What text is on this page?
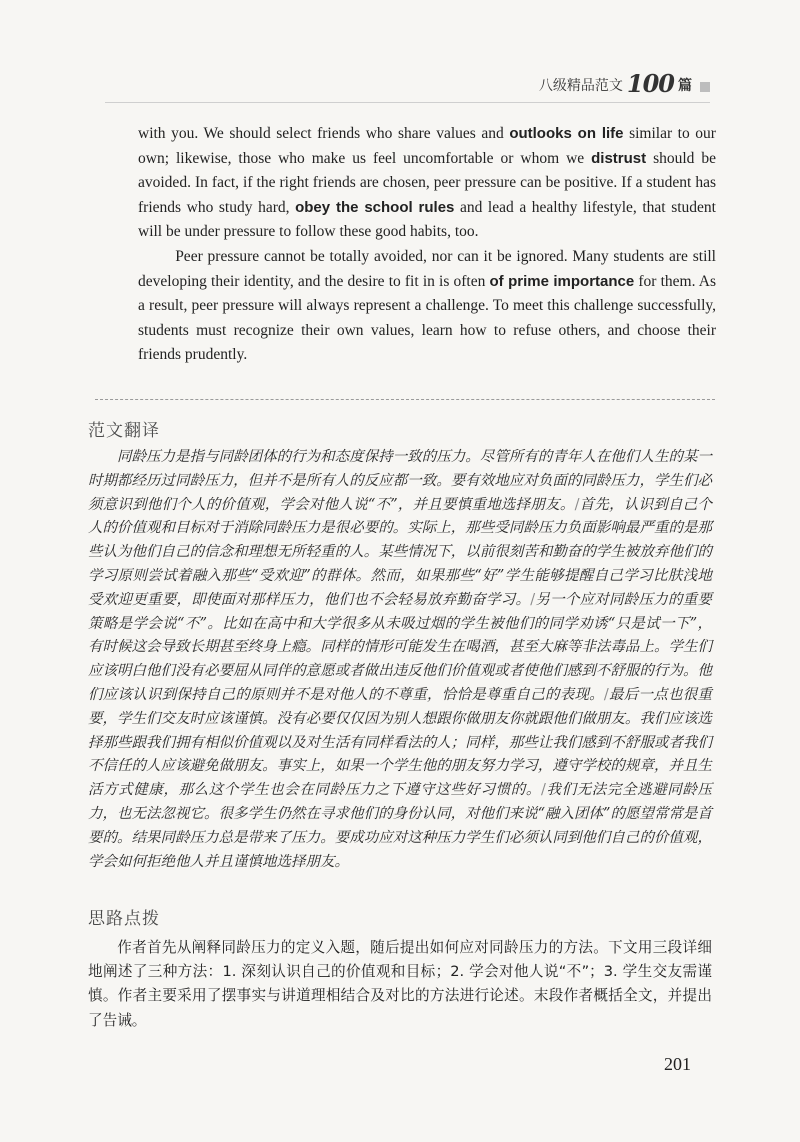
八级精品范文 100 篇

with you. We should select friends who share values and outlooks on life similar to our own; likewise, those who make us feel uncomfortable or whom we distrust should be avoided. In fact, if the right friends are chosen, peer pressure can be positive. If a student has friends who study hard, obey the school rules and lead a healthy lifestyle, that student will be under pressure to follow these good habits, too.

Peer pressure cannot be totally avoided, nor can it be ignored. Many students are still developing their identity, and the desire to fit in is often of prime importance for them. As a result, peer pressure will always represent a challenge. To meet this challenge successfully, students must recognize their own values, learn how to refuse others, and choose their friends prudently.

范文翻译

同龄压力是指与同龄团体的行为和态度保持一致的压力。尽管所有的青年人在他们人生的某一时期都经历过同龄压力，但并不是所有人的反应都一致。要有效地应对负面的同龄压力，学生们必须意识到他们个人的价值观，学会对他人说“不”，并且要慎重地选择朋友。/首先，认识到自己个人的价值观和目标对于消除同龄压力是很必要的。实际上，那些受同龄压力负面影响最严重的是那些认为他们自己的信念和理想无所轻重的人。某些情况下，以前很刻苦和勤奋的学生被放弃他们的学习原则尝试着融入那些“受欢迎”的群体。然而，如果那些“好”学生能够提醒自己学习比肤浅地受欢迎更重要，即使面对那样压力，他们也不会轻易放弃勤奋学习。/另一个应对同龄压力的重要策略是学会说“不”。比如在高中和大学很多从未吸过烟的学生被他们的同学劝诱“只是试一下”，有时候这会导致长期甚至终身上瘾。同样的情形可能发生在喝酒，甚至大麻等非法毒品上。学生们应该明白他们没有必要屈从同伴的意愿或者做出违反他们价值观或者使他们感到不舒服的行为。他们应该认识到保持自己的原则并不是对他人的不尊重，恰恰是尊重自己的表现。/最后一点也很重要，学生们交友时应该谨慎。没有必要仅仅因为别人想跟你做朋友你就跟他们做朋友。我们应该选择那些跟我们拥有相似价值观以及对生活有同样看法的人；同样，那些让我们感到不舒服或者我们不信任的人应该避免做朋友。事实上，如果一个学生他的朋友努力学习，遵守学校的规章，并且生活方式健康，那么这个学生也会在同龄压力之下遵守这些好习惯的。/我们无法完全逃避同龄压力，也无法忽视它。很多学生仍然在寻求他们的身份认同，对他们来说“融入团体”的愿望常常是首要的。结果同龄压力总是带来了压力。要成功应对这种压力学生们必须认同到他们自己的价值观，学会如何拒绝他人并且谨慎地选择朋友。

思路点拨

作者首先从阐释同龄压力的定义入题，随后提出如何应对同龄压力的方法。下文用三段详细地阐述了三种方法：1. 深刻认识自己的价值观和目标；2. 学会对他人说“不”；3. 学生交友需谨慎。作者主要采用了摆事实与讲道理相结合及对比的方法进行论述。末段作者概括全文，并提出了告诫。

201
